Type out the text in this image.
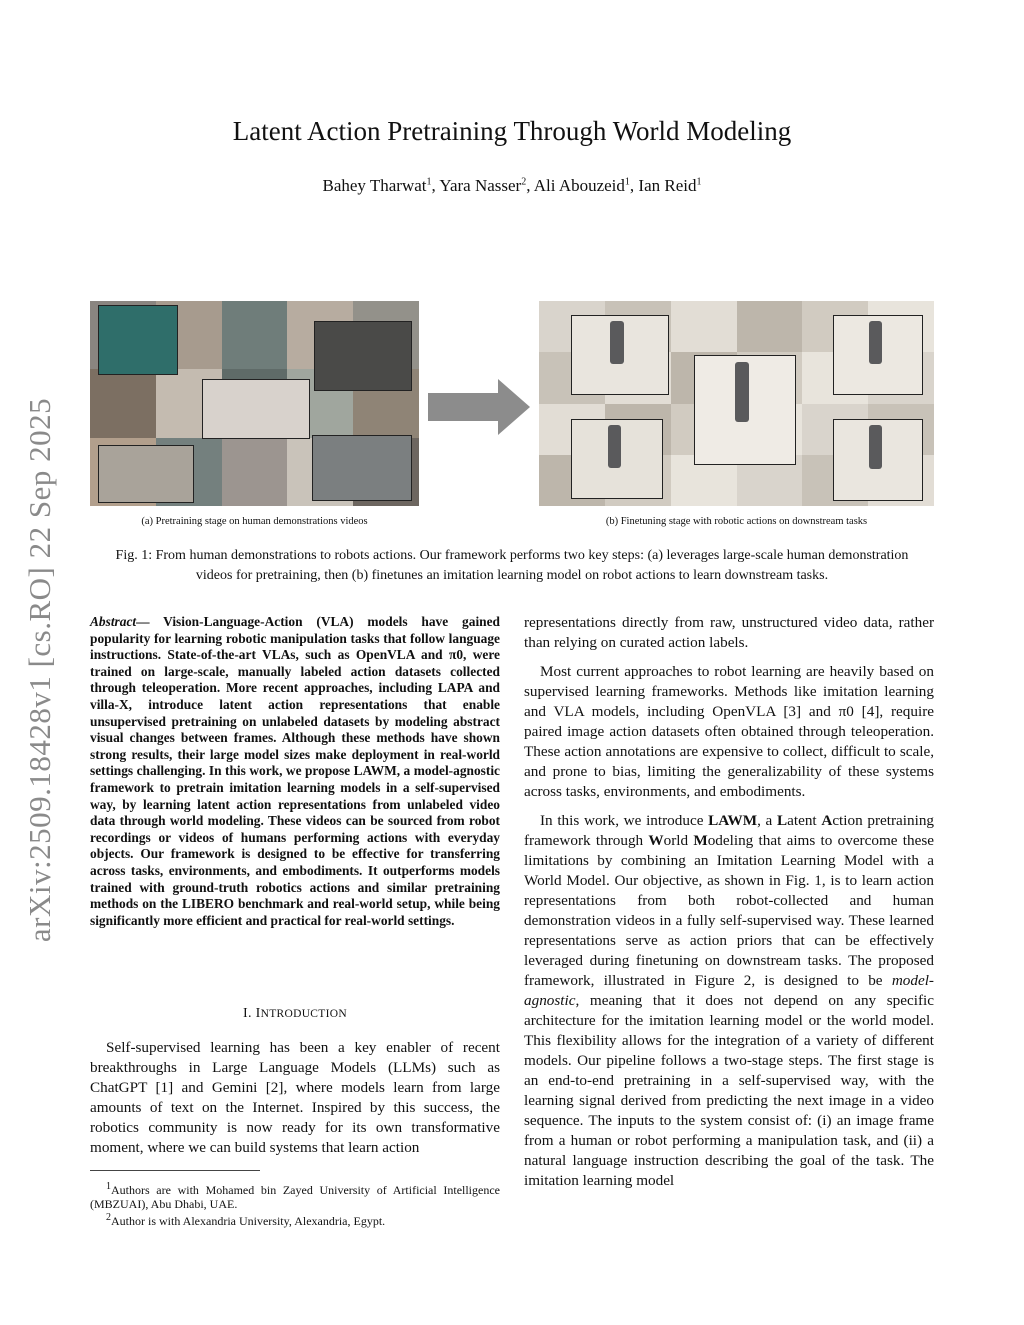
arXiv:2509.18428v1 [cs.RO] 22 Sep 2025
Latent Action Pretraining Through World Modeling
Bahey Tharwat$^1$, Yara Nasser$^2$, Ali Abouzeid$^1$, Ian Reid$^1$
(a) Pretraining stage on human demonstrations videos	(b) Finetuning stage with robotic actions on downstream tasks
Fig. 1: From human demonstrations to robots actions. Our framework performs two key steps: (a) leverages large-scale human demonstration videos for pretraining, then (b) finetunes an imitation learning model on robot actions to learn downstream tasks.

Abstract— Vision-Language-Action (VLA) models have gained popularity for learning robotic manipulation tasks that follow language instructions. State-of-the-art VLAs, such as OpenVLA and π0, were trained on large-scale, manually labeled action datasets collected through teleoperation. More recent approaches, including LAPA and villa-X, introduce latent action representations that enable unsupervised pretraining on unlabeled datasets by modeling abstract visual changes between frames. Although these methods have shown strong results, their large model sizes make deployment in real-world settings challenging. In this work, we propose LAWM, a model-agnostic framework to pretrain imitation learning models in a self-supervised way, by learning latent action representations from unlabeled video data through world modeling. These videos can be sourced from robot recordings or videos of humans performing actions with everyday objects. Our framework is designed to be effective for transferring across tasks, environments, and embodiments. It outperforms models trained with ground-truth robotics actions and similar pretraining methods on the LIBERO benchmark and real-world setup, while being significantly more efficient and practical for real-world settings.

I. INTRODUCTION

Self-supervised learning has been a key enabler of recent breakthroughs in Large Language Models (LLMs) such as ChatGPT [1] and Gemini [2], where models learn from large amounts of text on the Internet. Inspired by this success, the robotics community is now ready for its own transformative moment, where we can build systems that learn action

$^1$Authors are with Mohamed bin Zayed University of Artificial Intelligence (MBZUAI), Abu Dhabi, UAE.

$^2$Author is with Alexandria University, Alexandria, Egypt.

representations directly from raw, unstructured video data, rather than relying on curated action labels.

Most current approaches to robot learning are heavily based on supervised learning frameworks. Methods like imitation learning and VLA models, including OpenVLA [3] and π0 [4], require paired image action datasets often obtained through teleoperation. These action annotations are expensive to collect, difficult to scale, and prone to bias, limiting the generalizability of these systems across tasks, environments, and embodiments.

In this work, we introduce LAWM, a Latent Action pretraining framework through World Modeling that aims to overcome these limitations by combining an Imitation Learning Model with a World Model. Our objective, as shown in Fig. 1, is to learn action representations from both robot-collected and human demonstration videos in a fully self-supervised way. These learned representations serve as action priors that can be effectively leveraged during finetuning on downstream tasks. The proposed framework, illustrated in Figure 2, is designed to be model-agnostic, meaning that it does not depend on any specific architecture for the imitation learning model or the world model. This flexibility allows for the integration of a variety of different models. Our pipeline follows a two-stage steps. The first stage is an end-to-end pretraining in a self-supervised way, with the learning signal derived from predicting the next image in a video sequence. The inputs to the system consist of: (i) an image frame from a human or robot performing a manipulation task, and (ii) a natural language instruction describing the goal of the task. The imitation learning model
